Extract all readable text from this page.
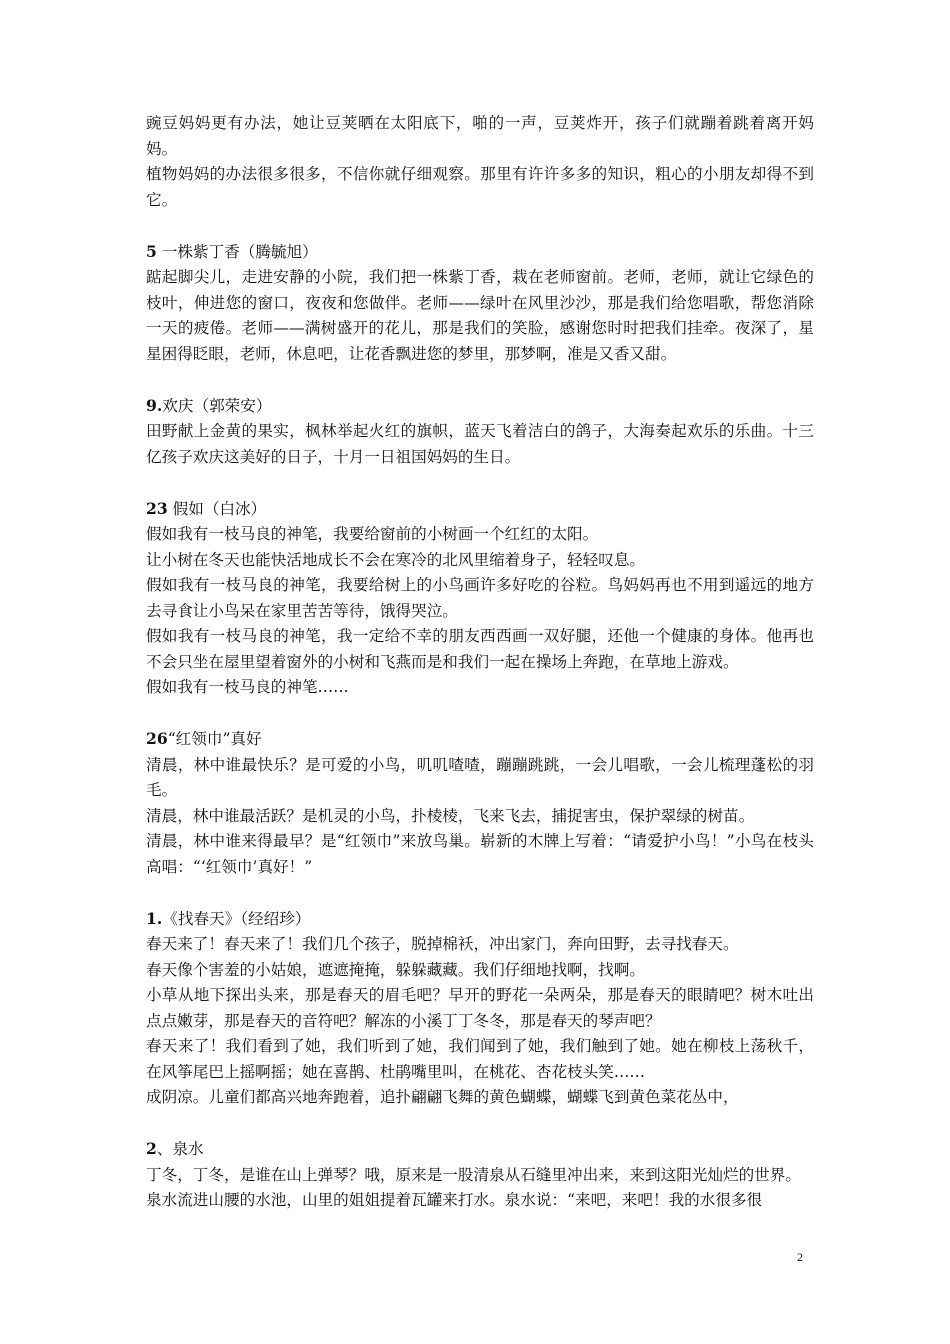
豌豆妈妈更有办法，她让豆荚晒在太阳底下，啪的一声，豆荚炸开，孩子们就蹦着跳着离开妈妈。

植物妈妈的办法很多很多，不信你就仔细观察。那里有许许多多的知识，粗心的小朋友却得不到它。

5 一株紫丁香（腾毓旭）

踮起脚尖儿，走进安静的小院，我们把一株紫丁香，栽在老师窗前。老师，老师，就让它绿色的枝叶，伸进您的窗口，夜夜和您做伴。老师——绿叶在风里沙沙，那是我们给您唱歌，帮您消除一天的疲倦。老师——满树盛开的花儿，那是我们的笑脸，感谢您时时把我们挂牵。夜深了，星星困得眨眼，老师，休息吧，让花香飘进您的梦里，那梦啊，准是又香又甜。

9.欢庆（郭荣安）

田野献上金黄的果实，枫林举起火红的旗帜，蓝天飞着洁白的鸽子，大海奏起欢乐的乐曲。十三亿孩子欢庆这美好的日子，十月一日祖国妈妈的生日。

23 假如（白冰）

假如我有一枝马良的神笔，我要给窗前的小树画一个红红的太阳。

让小树在冬天也能快活地成长不会在寒冷的北风里缩着身子，轻轻叹息。

假如我有一枝马良的神笔，我要给树上的小鸟画许多好吃的谷粒。鸟妈妈再也不用到遥远的地方去寻食让小鸟呆在家里苦苦等待，饿得哭泣。

假如我有一枝马良的神笔，我一定给不幸的朋友西西画一双好腿，还他一个健康的身体。他再也不会只坐在屋里望着窗外的小树和飞燕而是和我们一起在操场上奔跑，在草地上游戏。

假如我有一枝马良的神笔……

26“红领巾”真好

清晨，林中谁最快乐？是可爱的小鸟，叽叽喳喳，蹦蹦跳跳，一会儿唱歌，一会儿梳理蓬松的羽毛。

清晨，林中谁最活跃？是机灵的小鸟，扑棱棱，飞来飞去，捕捉害虫，保护翠绿的树苗。

清晨，林中谁来得最早？是“红领巾”来放鸟巢。崭新的木牌上写着：“请爱护小鸟！”小鸟在枝头高唱：“‘红领巾’真好！”

1.《找春天》（经绍珍）

春天来了！春天来了！我们几个孩子，脱掉棉袄，冲出家门，奔向田野，去寻找春天。

春天像个害羞的小姑娘，遮遮掩掩，躲躲藏藏。我们仔细地找啊，找啊。

小草从地下探出头来，那是春天的眉毛吧？早开的野花一朵两朵，那是春天的眼睛吧？树木吐出点点嫩芽，那是春天的音符吧？解冻的小溪丁丁冬冬，那是春天的琴声吧？

春天来了！我们看到了她，我们听到了她，我们闻到了她，我们触到了她。她在柳枝上荡秋千，在风筝尾巴上摇啊摇；她在喜鹊、杜鹃嘴里叫，在桃花、杏花枝头笑……

成阴凉。儿童们都高兴地奔跑着，追扑翩翩飞舞的黄色蝴蝶，蝴蝶飞到黄色菜花丛中，

2、泉水

丁冬，丁冬，是谁在山上弹琴？哦，原来是一股清泉从石缝里冲出来，来到这阳光灿烂的世界。

泉水流进山腰的水池，山里的姐姐提着瓦罐来打水。泉水说：“来吧，来吧！我的水很多很

2
